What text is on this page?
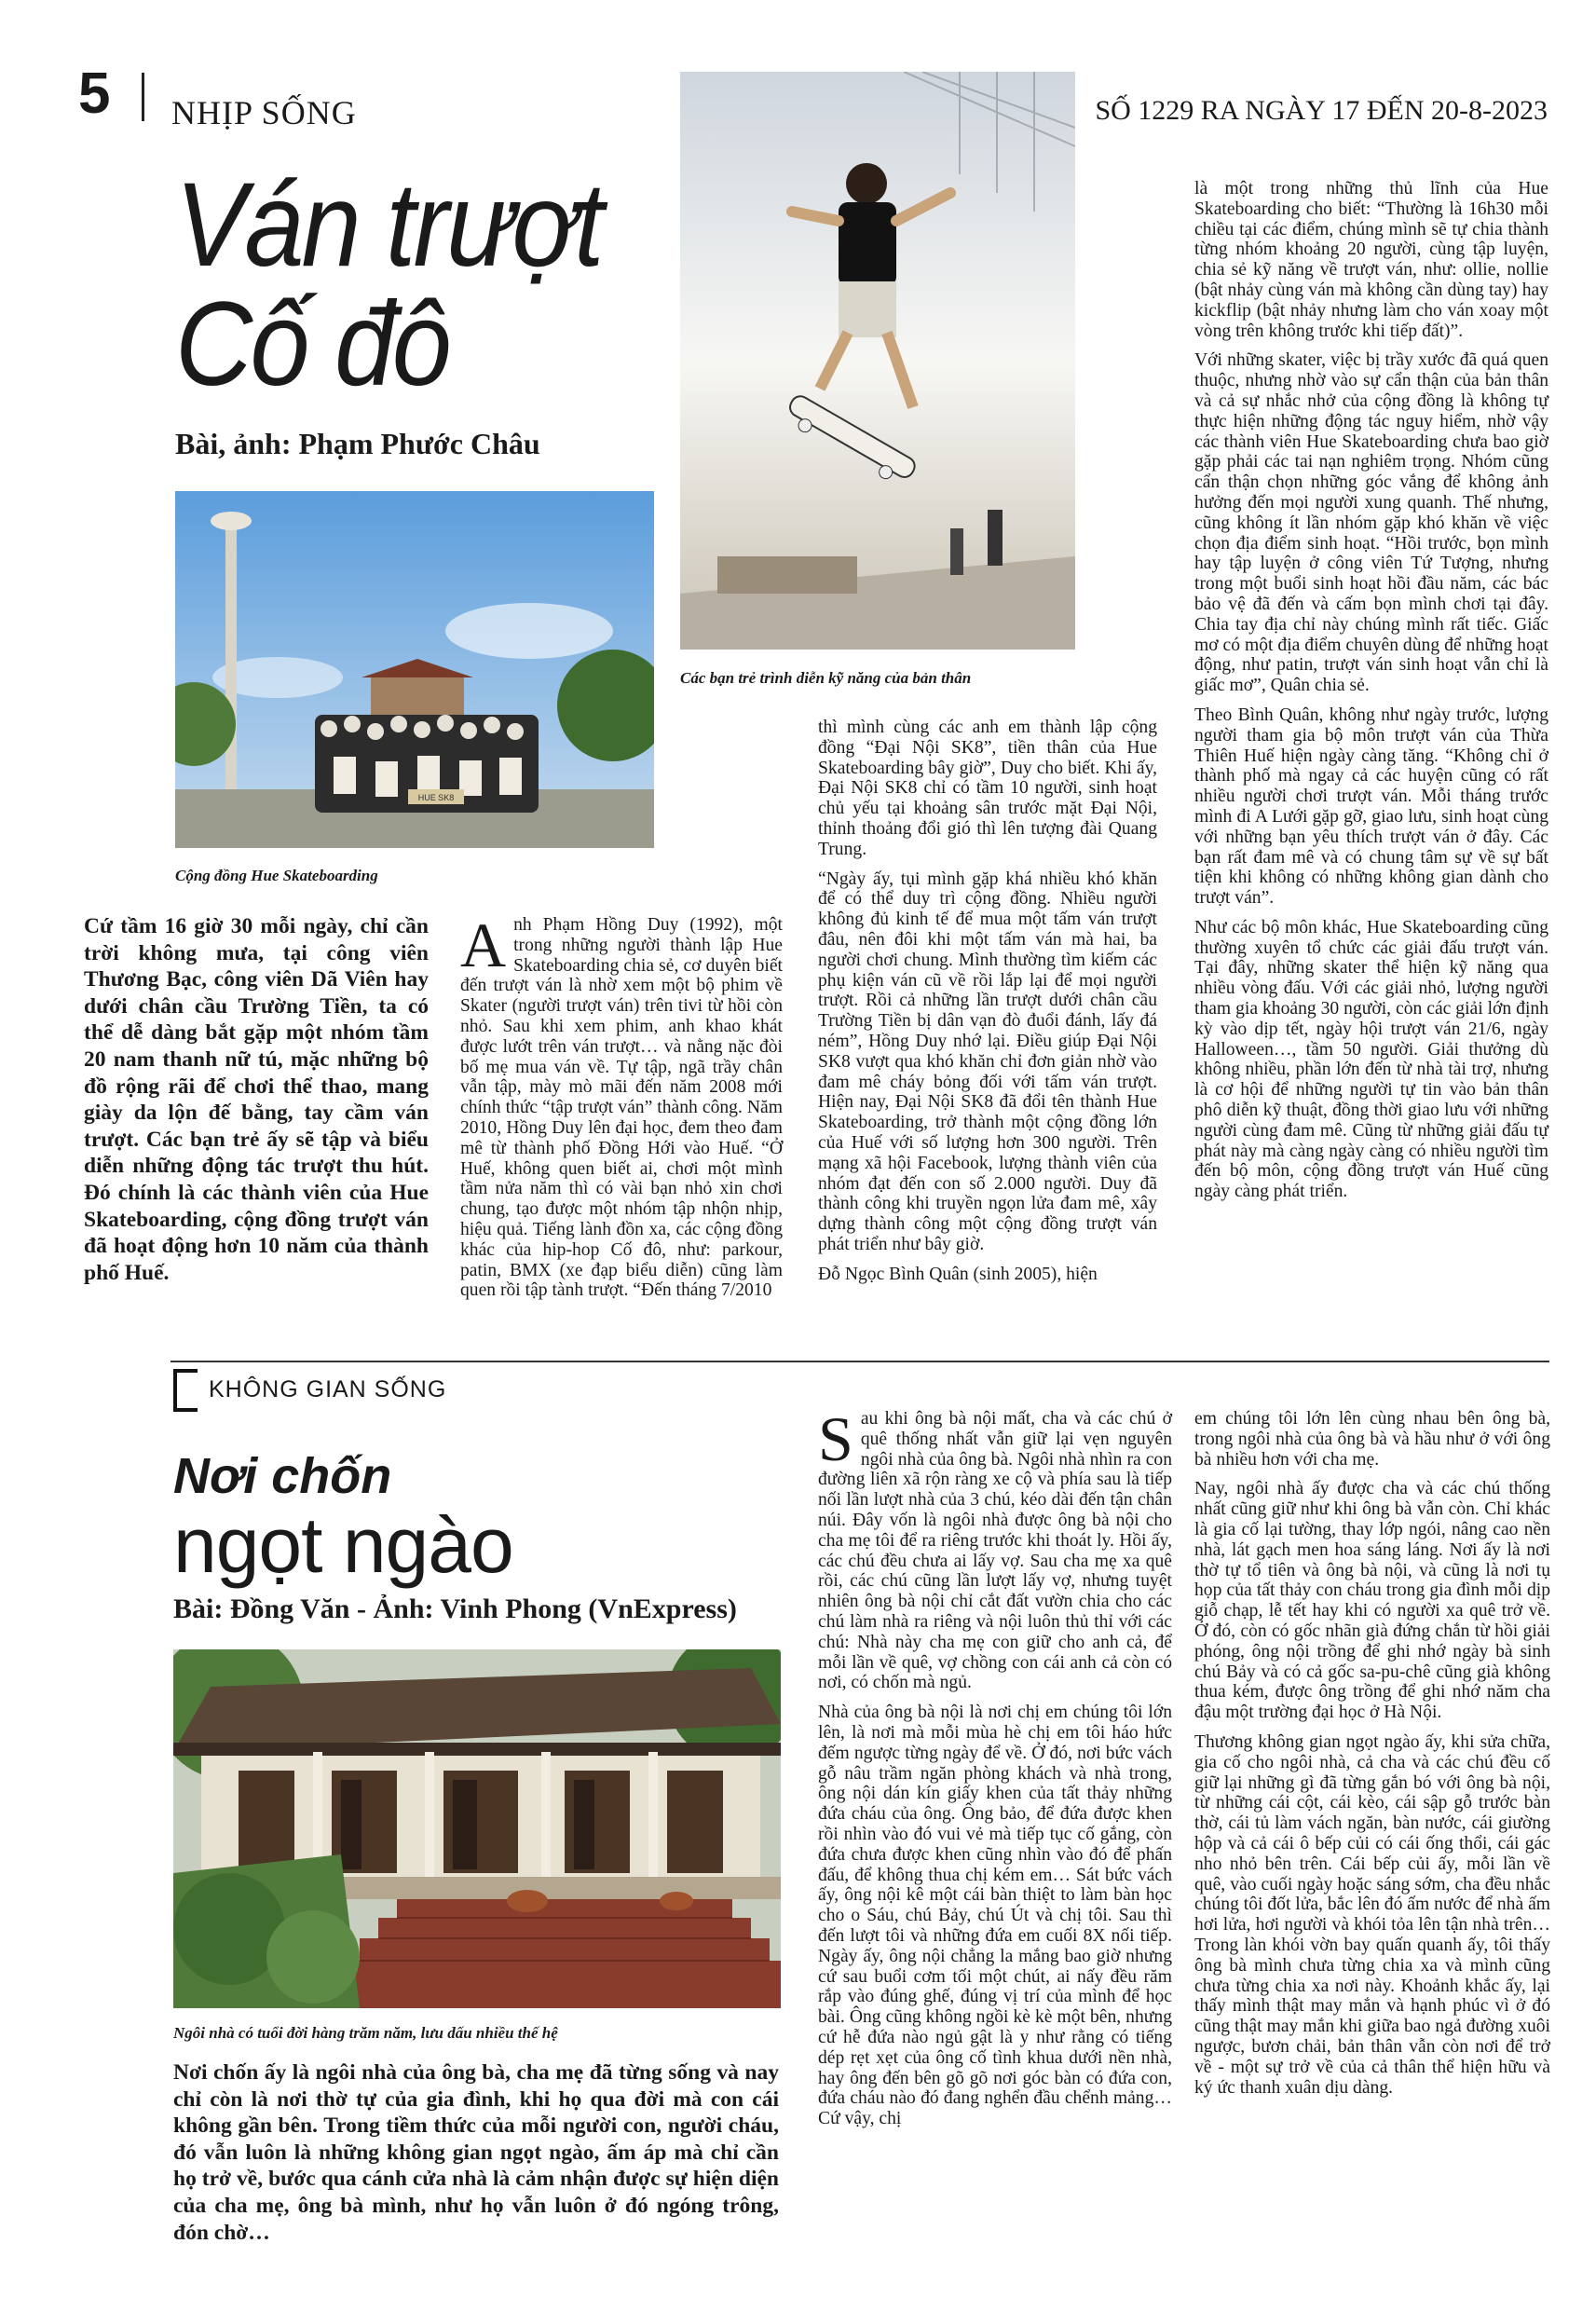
5 NHỊP SỐNG	SỐ 1229 RA NGÀY 17 ĐẾN 20-8-2023
Ván trượt
Cố đô
Bài, ảnh: Phạm Phước Châu
HUE SK8
Cộng đồng Hue Skateboarding
Các bạn trẻ trình diễn kỹ năng của bản thân

Cứ tầm 16 giờ 30 mỗi ngày, chỉ cần trời không mưa, tại công viên Thương Bạc, công viên Dã Viên hay dưới chân cầu Trường Tiền, ta có thể dễ dàng bắt gặp một nhóm tầm 20 nam thanh nữ tú, mặc những bộ đồ rộng rãi để chơi thể thao, mang giày da lộn đế bằng, tay cầm ván trượt. Các bạn trẻ ấy sẽ tập và biểu diễn những động tác trượt thu hút. Đó chính là các thành viên của Hue Skateboarding, cộng đồng trượt ván đã hoạt động hơn 10 năm của thành phố Huế.

Anh Phạm Hồng Duy (1992), một trong những người thành lập Hue Skateboarding chia sẻ, cơ duyên biết đến trượt ván là nhờ xem một bộ phim về Skater (người trượt ván) trên tivi từ hồi còn nhỏ. Sau khi xem phim, anh khao khát được lướt trên ván trượt… và nằng nặc đòi bố mẹ mua ván về. Tự tập, ngã trầy chân vẫn tập, mày mò mãi đến năm 2008 mới chính thức “tập trượt ván” thành công. Năm 2010, Hồng Duy lên đại học, đem theo đam mê từ thành phố Đồng Hới vào Huế. “Ở Huế, không quen biết ai, chơi một mình tầm nửa năm thì có vài bạn nhỏ xin chơi chung, tạo được một nhóm tập nhộn nhịp, hiệu quả. Tiếng lành đồn xa, các cộng đồng khác của hip-hop Cố đô, như: parkour, patin, BMX (xe đạp biểu diễn) cũng làm quen rồi tập tành trượt. “Đến tháng 7/2010

thì mình cùng các anh em thành lập cộng đồng “Đại Nội SK8”, tiền thân của Hue Skateboarding bây giờ”, Duy cho biết. Khi ấy, Đại Nội SK8 chỉ có tầm 10 người, sinh hoạt chủ yếu tại khoảng sân trước mặt Đại Nội, thỉnh thoảng đổi gió thì lên tượng đài Quang Trung.

“Ngày ấy, tụi mình gặp khá nhiều khó khăn để có thể duy trì cộng đồng. Nhiều người không đủ kinh tế để mua một tấm ván trượt đâu, nên đôi khi một tấm ván mà hai, ba người chơi chung. Mình thường tìm kiếm các phụ kiện ván cũ về rồi lắp lại để mọi người trượt. Rồi cả những lần trượt dưới chân cầu Trường Tiền bị dân vạn đò đuổi đánh, lấy đá ném”, Hồng Duy nhớ lại. Điều giúp Đại Nội SK8 vượt qua khó khăn chỉ đơn giản nhờ vào đam mê cháy bỏng đối với tấm ván trượt. Hiện nay, Đại Nội SK8 đã đổi tên thành Hue Skateboarding, trở thành một cộng đồng lớn của Huế với số lượng hơn 300 người. Trên mạng xã hội Facebook, lượng thành viên của nhóm đạt đến con số 2.000 người. Duy đã thành công khi truyền ngọn lửa đam mê, xây dựng thành công một cộng đồng trượt ván phát triển như bây giờ.

Đỗ Ngọc Bình Quân (sinh 2005), hiện

là một trong những thủ lĩnh của Hue Skateboarding cho biết: “Thường là 16h30 mỗi chiều tại các điểm, chúng mình sẽ tự chia thành từng nhóm khoảng 20 người, cùng tập luyện, chia sẻ kỹ năng về trượt ván, như: ollie, nollie (bật nhảy cùng ván mà không cần dùng tay) hay kickflip (bật nhảy nhưng làm cho ván xoay một vòng trên không trước khi tiếp đất)”.

Với những skater, việc bị trầy xước đã quá quen thuộc, nhưng nhờ vào sự cẩn thận của bản thân và cả sự nhắc nhở của cộng đồng là không tự thực hiện những động tác nguy hiểm, nhờ vậy các thành viên Hue Skateboarding chưa bao giờ gặp phải các tai nạn nghiêm trọng. Nhóm cũng cẩn thận chọn những góc vắng để không ảnh hưởng đến mọi người xung quanh. Thế nhưng, cũng không ít lần nhóm gặp khó khăn về việc chọn địa điểm sinh hoạt. “Hồi trước, bọn mình hay tập luyện ở công viên Tứ Tượng, nhưng trong một buổi sinh hoạt hồi đầu năm, các bác bảo vệ đã đến và cấm bọn mình chơi tại đây. Chia tay địa chỉ này chúng mình rất tiếc. Giấc mơ có một địa điểm chuyên dùng để những hoạt động, như patin, trượt ván sinh hoạt vẫn chỉ là giấc mơ”, Quân chia sẻ.

Theo Bình Quân, không như ngày trước, lượng người tham gia bộ môn trượt ván của Thừa Thiên Huế hiện ngày càng tăng. “Không chỉ ở thành phố mà ngay cả các huyện cũng có rất nhiều người chơi trượt ván. Mỗi tháng trước mình đi A Lưới gặp gỡ, giao lưu, sinh hoạt cùng với những bạn yêu thích trượt ván ở đây. Các bạn rất đam mê và có chung tâm sự về sự bất tiện khi không có những không gian dành cho trượt ván”.

Như các bộ môn khác, Hue Skateboarding cũng thường xuyên tổ chức các giải đấu trượt ván. Tại đây, những skater thể hiện kỹ năng qua nhiều vòng đấu. Với các giải nhỏ, lượng người tham gia khoảng 30 người, còn các giải lớn định kỳ vào dịp tết, ngày hội trượt ván 21/6, ngày Halloween…, tầm 50 người. Giải thưởng dù không nhiều, phần lớn đến từ nhà tài trợ, nhưng là cơ hội để những người tự tin vào bản thân phô diễn kỹ thuật, đồng thời giao lưu với những người cùng đam mê. Cũng từ những giải đấu tự phát này mà càng ngày càng có nhiều người tìm đến bộ môn, cộng đồng trượt ván Huế cũng ngày càng phát triển.

KHÔNG GIAN SỐNG
Nơi chốn
ngọt ngào
Bài: Đồng Văn - Ảnh: Vinh Phong (VnExpress)
Ngôi nhà có tuổi đời hàng trăm năm, lưu dấu nhiều thế hệ

Nơi chốn ấy là ngôi nhà của ông bà, cha mẹ đã từng sống và nay chỉ còn là nơi thờ tự của gia đình, khi họ qua đời mà con cái không gần bên. Trong tiềm thức của mỗi người con, người cháu, đó vẫn luôn là những không gian ngọt ngào, ấm áp mà chỉ cần họ trở về, bước qua cánh cửa nhà là cảm nhận được sự hiện diện của cha mẹ, ông bà mình, như họ vẫn luôn ở đó ngóng trông, đón chờ…

Sau khi ông bà nội mất, cha và các chú ở quê thống nhất vẫn giữ lại vẹn nguyên ngôi nhà của ông bà. Ngôi nhà nhìn ra con đường liên xã rộn ràng xe cộ và phía sau là tiếp nối lần lượt nhà của 3 chú, kéo dài đến tận chân núi. Đây vốn là ngôi nhà được ông bà nội cho cha mẹ tôi để ra riêng trước khi thoát ly. Hồi ấy, các chú đều chưa ai lấy vợ. Sau cha mẹ xa quê rồi, các chú cũng lần lượt lấy vợ, nhưng tuyệt nhiên ông bà nội chỉ cắt đất vườn chia cho các chú làm nhà ra riêng và nội luôn thủ thỉ với các chú: Nhà này cha mẹ con giữ cho anh cả, để mỗi lần về quê, vợ chồng con cái anh cả còn có nơi, có chốn mà ngủ.

Nhà của ông bà nội là nơi chị em chúng tôi lớn lên, là nơi mà mỗi mùa hè chị em tôi háo hức đếm ngược từng ngày để về. Ở đó, nơi bức vách gỗ nâu trầm ngăn phòng khách và nhà trong, ông nội dán kín giấy khen của tất thảy những đứa cháu của ông. Ông bảo, để đứa được khen rồi nhìn vào đó vui vẻ mà tiếp tục cố gắng, còn đứa chưa được khen cũng nhìn vào đó để phấn đấu, để không thua chị kém em… Sát bức vách ấy, ông nội kê một cái bàn thiệt to làm bàn học cho o Sáu, chú Bảy, chú Út và chị tôi. Sau thì đến lượt tôi và những đứa em cuối 8X nối tiếp. Ngày ấy, ông nội chẳng la mắng bao giờ nhưng cứ sau buổi cơm tối một chút, ai nấy đều răm rắp vào đúng ghế, đúng vị trí của mình để học bài. Ông cũng không ngồi kè kè một bên, nhưng cứ hễ đứa nào ngủ gật là y như rằng có tiếng dép rẹt xẹt của ông cố tình khua dưới nền nhà, hay ông đến bên gõ gõ nơi góc bàn có đứa con, đứa cháu nào đó đang nghển đầu chểnh mảng… Cứ vậy, chị

em chúng tôi lớn lên cùng nhau bên ông bà, trong ngôi nhà của ông bà và hầu như ở với ông bà nhiều hơn với cha mẹ.

Nay, ngôi nhà ấy được cha và các chú thống nhất cũng giữ như khi ông bà vẫn còn. Chỉ khác là gia cố lại tường, thay lớp ngói, nâng cao nền nhà, lát gạch men hoa sáng láng. Nơi ấy là nơi thờ tự tổ tiên và ông bà nội, và cũng là nơi tụ họp của tất thảy con cháu trong gia đình mỗi dịp giỗ chạp, lễ tết hay khi có người xa quê trở về. Ở đó, còn có gốc nhãn già đứng chắn từ hồi giải phóng, ông nội trồng để ghi nhớ ngày bà sinh chú Bảy và có cả gốc sa-pu-chê cũng già không thua kém, được ông trồng để ghi nhớ năm cha đậu một trường đại học ở Hà Nội.

Thương không gian ngọt ngào ấy, khi sửa chữa, gia cố cho ngôi nhà, cả cha và các chú đều cố giữ lại những gì đã từng gắn bó với ông bà nội, từ những cái cột, cái kèo, cái sập gỗ trước bàn thờ, cái tủ làm vách ngăn, bàn nước, cái giường hộp và cả cái ô bếp củi có cái ống thổi, cái gác nho nhỏ bên trên. Cái bếp củi ấy, mỗi lần về quê, vào cuối ngày hoặc sáng sớm, cha đều nhắc chúng tôi đốt lửa, bắc lên đó ấm nước để nhà ấm hơi lửa, hơi người và khói tỏa lên tận nhà trên… Trong làn khói vờn bay quấn quanh ấy, tôi thấy ông bà mình chưa từng chia xa và mình cũng chưa từng chia xa nơi này. Khoảnh khắc ấy, lại thấy mình thật may mắn và hạnh phúc vì ở đó cũng thật may mắn khi giữa bao ngả đường xuôi ngược, bươn chải, bản thân vẫn còn nơi để trở về - một sự trở về của cả thân thể hiện hữu và ký ức thanh xuân dịu dàng.
